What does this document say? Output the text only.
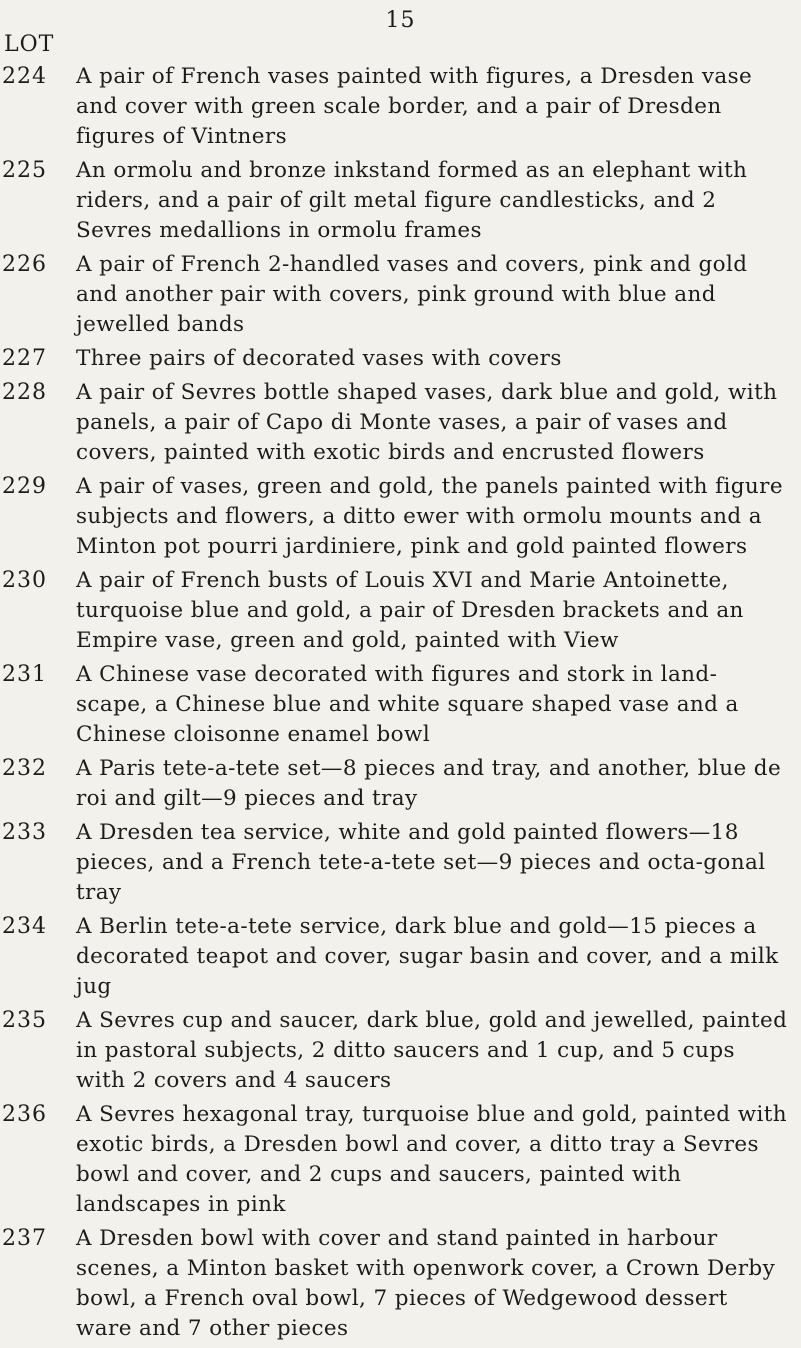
15
LOT
224 A pair of French vases painted with figures, a Dresden vase and cover with green scale border, and a pair of Dresden figures of Vintners
225 An ormolu and bronze inkstand formed as an elephant with riders, and a pair of gilt metal figure candlesticks, and 2 Sevres medallions in ormolu frames
226 A pair of French 2-handled vases and covers, pink and gold and another pair with covers, pink ground with blue and jewelled bands
227 Three pairs of decorated vases with covers
228 A pair of Sevres bottle shaped vases, dark blue and gold, with panels, a pair of Capo di Monte vases, a pair of vases and covers, painted with exotic birds and encrusted flowers
229 A pair of vases, green and gold, the panels painted with figure subjects and flowers, a ditto ewer with ormolu mounts and a Minton pot pourri jardiniere, pink and gold painted flowers
230 A pair of French busts of Louis XVI and Marie Antoinette, turquoise blue and gold, a pair of Dresden brackets and an Empire vase, green and gold, painted with View
231 A Chinese vase decorated with figures and stork in land-scape, a Chinese blue and white square shaped vase and a Chinese cloisonne enamel bowl
232 A Paris tete-a-tete set—8 pieces and tray, and another, blue de roi and gilt—9 pieces and tray
233 A Dresden tea service, white and gold painted flowers—18 pieces, and a French tete-a-tete set—9 pieces and octa-gonal tray
234 A Berlin tete-a-tete service, dark blue and gold—15 pieces a decorated teapot and cover, sugar basin and cover, and a milk jug
235 A Sevres cup and saucer, dark blue, gold and jewelled, painted in pastoral subjects, 2 ditto saucers and 1 cup, and 5 cups with 2 covers and 4 saucers
236 A Sevres hexagonal tray, turquoise blue and gold, painted with exotic birds, a Dresden bowl and cover, a ditto tray a Sevres bowl and cover, and 2 cups and saucers, painted with landscapes in pink
237 A Dresden bowl with cover and stand painted in harbour scenes, a Minton basket with openwork cover, a Crown Derby bowl, a French oval bowl, 7 pieces of Wedgewood dessert ware and 7 other pieces
